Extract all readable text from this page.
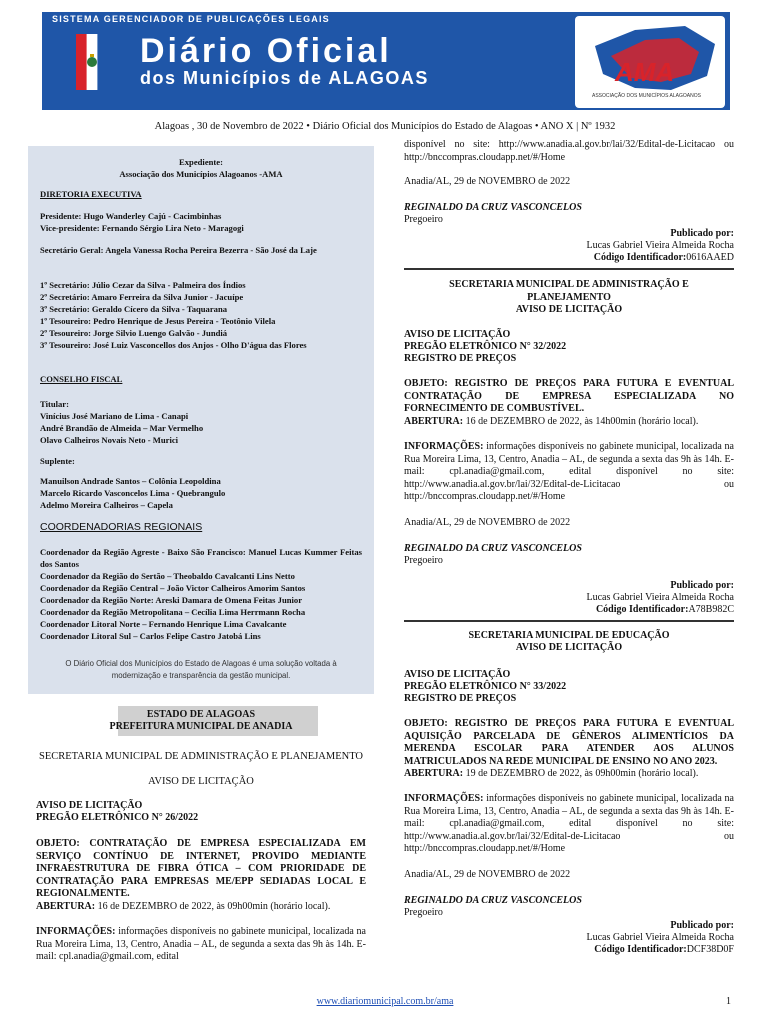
SISTEMA GERENCIADOR DE PUBLICAÇÕES LEGAIS
Diário Oficial
dos Municípios de ALAGOAS	AMA
ASSOCIAÇÃO DOS MUNICÍPIOS ALAGOANOS
Alagoas , 30 de Novembro de 2022 • Diário Oficial dos Municípios do Estado de Alagoas • ANO X | Nº 1932
Expediente:
Associação dos Municípios Alagoanos -AMA
DIRETORIA EXECUTIVA
Presidente: Hugo Wanderley Cajú - Cacimbinhas
Vice-presidente: Fernando Sérgio Lira Neto - Maragogi
Secretário Geral: Angela Vanessa Rocha Pereira Bezerra - São José da Laje
1º Secretário: Júlio Cezar da Silva - Palmeira dos Índios
2º Secretário: Amaro Ferreira da Silva Junior - Jacuípe
3º Secretário: Geraldo Cícero da Silva - Taquarana
1º Tesoureiro: Pedro Henrique de Jesus Pereira - Teotônio Vilela
2º Tesoureiro: Jorge Silvio Luengo Galvão - Jundiá
3º Tesoureiro: José Luiz Vasconcellos dos Anjos - Olho D'água das Flores
CONSELHO FISCAL
Titular:
Vinícius José Mariano de Lima - Canapi
André Brandão de Almeida – Mar Vermelho
Olavo Calheiros Novais Neto - Murici
Suplente:
Manuilson Andrade Santos – Colônia Leopoldina
Marcelo Ricardo Vasconcelos Lima - Quebrangulo
Adelmo Moreira Calheiros – Capela
COORDENADORIAS REGIONAIS
Coordenador da Região Agreste - Baixo São Francisco: Manuel Lucas Kummer Feitas dos Santos
Coordenador da Região do Sertão – Theobaldo Cavalcanti Lins Netto
Coordenador da Região Central – João Victor Calheiros Amorim Santos
Coordenador da Região Norte: Areski Damara de Omena Feitas Junior
Coordenador da Região Metropolitana – Cecília Lima Herrmann Rocha
Coordenador Litoral Norte – Fernando Henrique Lima Cavalcante
Coordenador Litoral Sul – Carlos Felipe Castro Jatobá Lins
O Diário Oficial dos Municípios do Estado de Alagoas é uma solução voltada à modernização e transparência da gestão municipal.
ESTADO DE ALAGOAS
PREFEITURA MUNICIPAL DE ANADIA
SECRETARIA MUNICIPAL DE ADMINISTRAÇÃO E PLANEJAMENTO
AVISO DE LICITAÇÃO
AVISO DE LICITAÇÃO
PREGÃO ELETRÔNICO N° 26/2022
OBJETO: CONTRATAÇÃO DE EMPRESA ESPECIALIZADA EM SERVIÇO CONTÍNUO DE INTERNET, PROVIDO MEDIANTE INFRAESTRUTURA DE FIBRA ÓTICA – COM PRIORIDADE DE CONTRATAÇÃO PARA EMPRESAS ME/EPP SEDIADAS LOCAL E REGIONALMENTE.
ABERTURA: 16 de DEZEMBRO de 2022, às 09h00min (horário local).
INFORMAÇÕES: informações disponíveis no gabinete municipal, localizada na Rua Moreira Lima, 13, Centro, Anadia – AL, de segunda a sexta das 9h às 14h. E-mail: cpl.anadia@gmail.com, edital
disponível no site: http://www.anadia.al.gov.br/lai/32/Edital-de-Licitacao ou http://bnccompras.cloudapp.net/#/Home
Anadia/AL, 29 de NOVEMBRO de 2022
REGINALDO DA CRUZ VASCONCELOS
Pregoeiro
Publicado por:
Lucas Gabriel Vieira Almeida Rocha
Código Identificador:0616AAED
SECRETARIA MUNICIPAL DE ADMINISTRAÇÃO E PLANEJAMENTO
AVISO DE LICITAÇÃO
AVISO DE LICITAÇÃO
PREGÃO ELETRÔNICO N° 32/2022
REGISTRO DE PREÇOS
OBJETO: REGISTRO DE PREÇOS PARA FUTURA E EVENTUAL CONTRATAÇÃO DE EMPRESA ESPECIALIZADA NO FORNECIMENTO DE COMBUSTÍVEL.
ABERTURA: 16 de DEZEMBRO de 2022, às 14h00min (horário local).
INFORMAÇÕES: informações disponíveis no gabinete municipal, localizada na Rua Moreira Lima, 13, Centro, Anadia – AL, de segunda a sexta das 9h às 14h. E-mail: cpl.anadia@gmail.com, edital disponível no site: http://www.anadia.al.gov.br/lai/32/Edital-de-Licitacao ou http://bnccompras.cloudapp.net/#/Home
Anadia/AL, 29 de NOVEMBRO de 2022
REGINALDO DA CRUZ VASCONCELOS
Pregoeiro
Publicado por:
Lucas Gabriel Vieira Almeida Rocha
Código Identificador:A78B982C
SECRETARIA MUNICIPAL DE EDUCAÇÃO
AVISO DE LICITAÇÃO
AVISO DE LICITAÇÃO
PREGÃO ELETRÔNICO N° 33/2022
REGISTRO DE PREÇOS
OBJETO: REGISTRO DE PREÇOS PARA FUTURA E EVENTUAL AQUISIÇÃO PARCELADA DE GÊNEROS ALIMENTÍCIOS DA MERENDA ESCOLAR PARA ATENDER AOS ALUNOS MATRICULADOS NA REDE MUNICIPAL DE ENSINO NO ANO 2023.
ABERTURA: 19 de DEZEMBRO de 2022, às 09h00min (horário local).
INFORMAÇÕES: informações disponíveis no gabinete municipal, localizada na Rua Moreira Lima, 13, Centro, Anadia – AL, de segunda a sexta das 9h às 14h. E-mail: cpl.anadia@gmail.com, edital disponível no site: http://www.anadia.al.gov.br/lai/32/Edital-de-Licitacao ou http://bnccompras.cloudapp.net/#/Home
Anadia/AL, 29 de NOVEMBRO de 2022
REGINALDO DA CRUZ VASCONCELOS
Pregoeiro
Publicado por:
Lucas Gabriel Vieira Almeida Rocha
Código Identificador:DCF38D0F
www.diariomunicipal.com.br/ama	1
